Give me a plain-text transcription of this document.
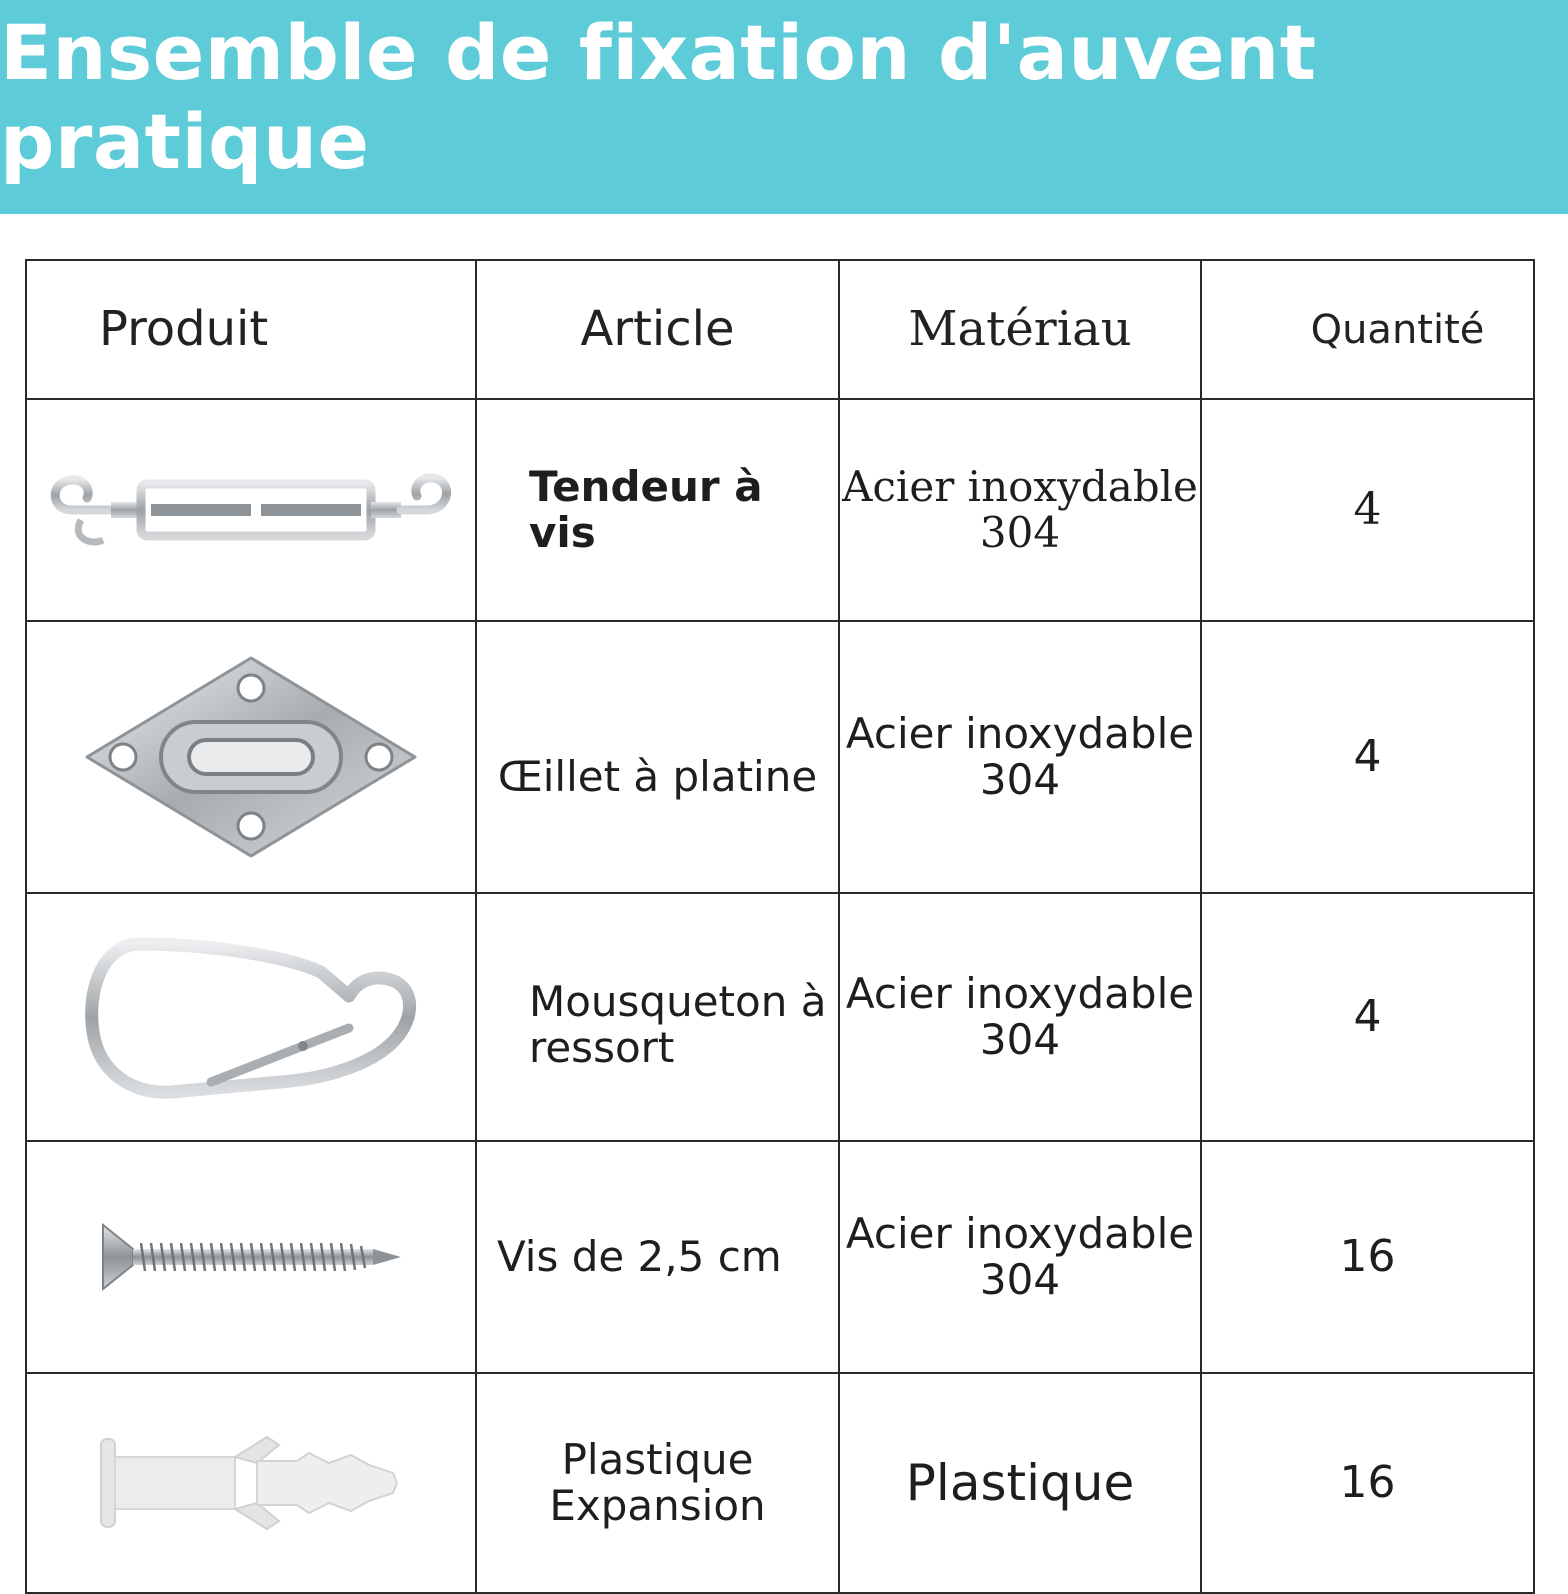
Ensemble de fixation d'auvent pratique
Produit	Article	Matériau	Quantité

	Tendeur à vis	Acier inoxydable 304	4

	Œillet à platine	Acier inoxydable 304	4

	Mousqueton à ressort	Acier inoxydable 304	4

	Vis de 2,5 cm	Acier inoxydable 304	16

	Plastique Expansion	Plastique	16
